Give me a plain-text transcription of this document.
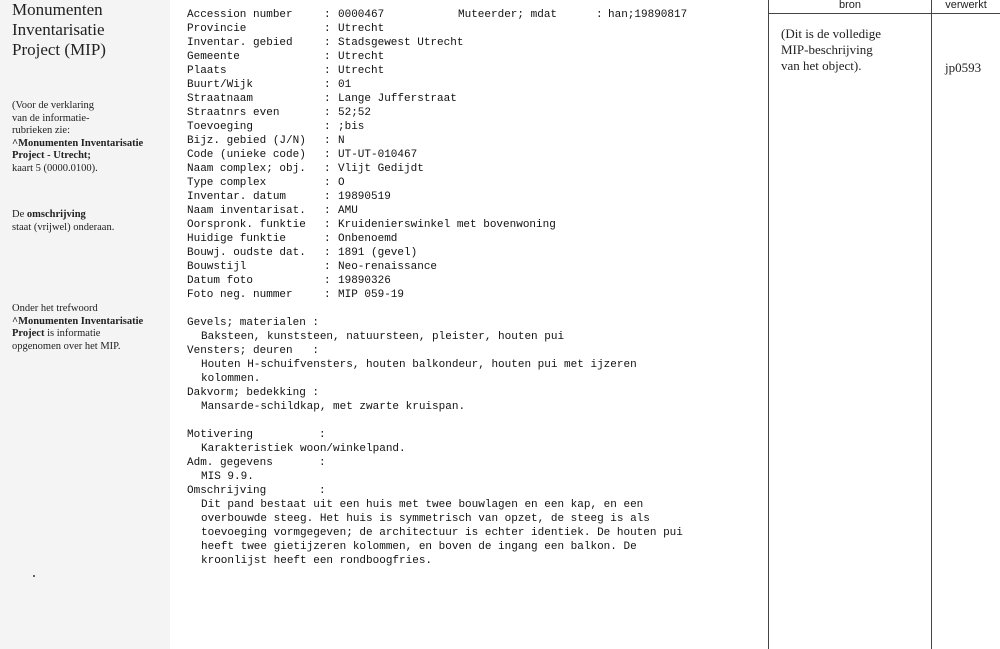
Monumenten
Inventarisatie
Project (MIP)
(Voor de verklaring
van de informatie-
rubrieken zie:
^Monumenten Inventarisatie
Project - Utrecht;
kaart 5 (0000.0100).
De omschrijving
staat (vrijwel) onderaan.
Onder het trefwoord
^Monumenten Inventarisatie
Project is informatie
opgenomen over het MIP.
Accession number	: 0000467	Muteerder; mdat	: han;19890817
Provincie	: Utrecht
Inventar. gebied	: Stadsgewest Utrecht
Gemeente	: Utrecht
Plaats	: Utrecht
Buurt/Wijk	: 01
Straatnaam	: Lange Jufferstraat
Straatnrs even	: 52;52
Toevoeging	: ;bis
Bijz. gebied (J/N) : N
Code (unieke code) : UT-UT-010467
Naam complex; obj. : Vlijt Gedijdt
Type complex	: O
Inventar. datum	: 19890519
Naam inventarisat. : AMU
Oorspronk. funktie : Kruidenierswinkel met bovenwoning
Huidige funktie	: Onbenoemd
Bouwj. oudste dat. : 1891 (gevel)
Bouwstijl	: Neo-renaissance
Datum foto	: 19890326
Foto neg. nummer	: MIP 059-19
Gevels; materialen :
Baksteen, kunststeen, natuursteen, pleister, houten pui
Vensters; deuren   :
Houten H-schuifvensters, houten balkondeur, houten pui met ijzeren
kolommen.
Dakvorm; bedekking :
Mansarde-schildkap, met zwarte kruispan.
Motivering          :
Karakteristiek woon/winkelpand.
Adm. gegevens       :
MIS 9.9.
Omschrijving        :
Dit pand bestaat uit een huis met twee bouwlagen en een kap, en een
overbouwde steeg. Het huis is symmetrisch van opzet, de steeg is als
toevoeging vormgegeven; de architectuur is echter identiek. De houten pui
heeft twee gietijzeren kolommen, en boven de ingang een balkon. De
kroonlijst heeft een rondboogfries.
bron	verwerkt
(Dit is de volledige
MIP-beschrijving
van het object).	jp0593
